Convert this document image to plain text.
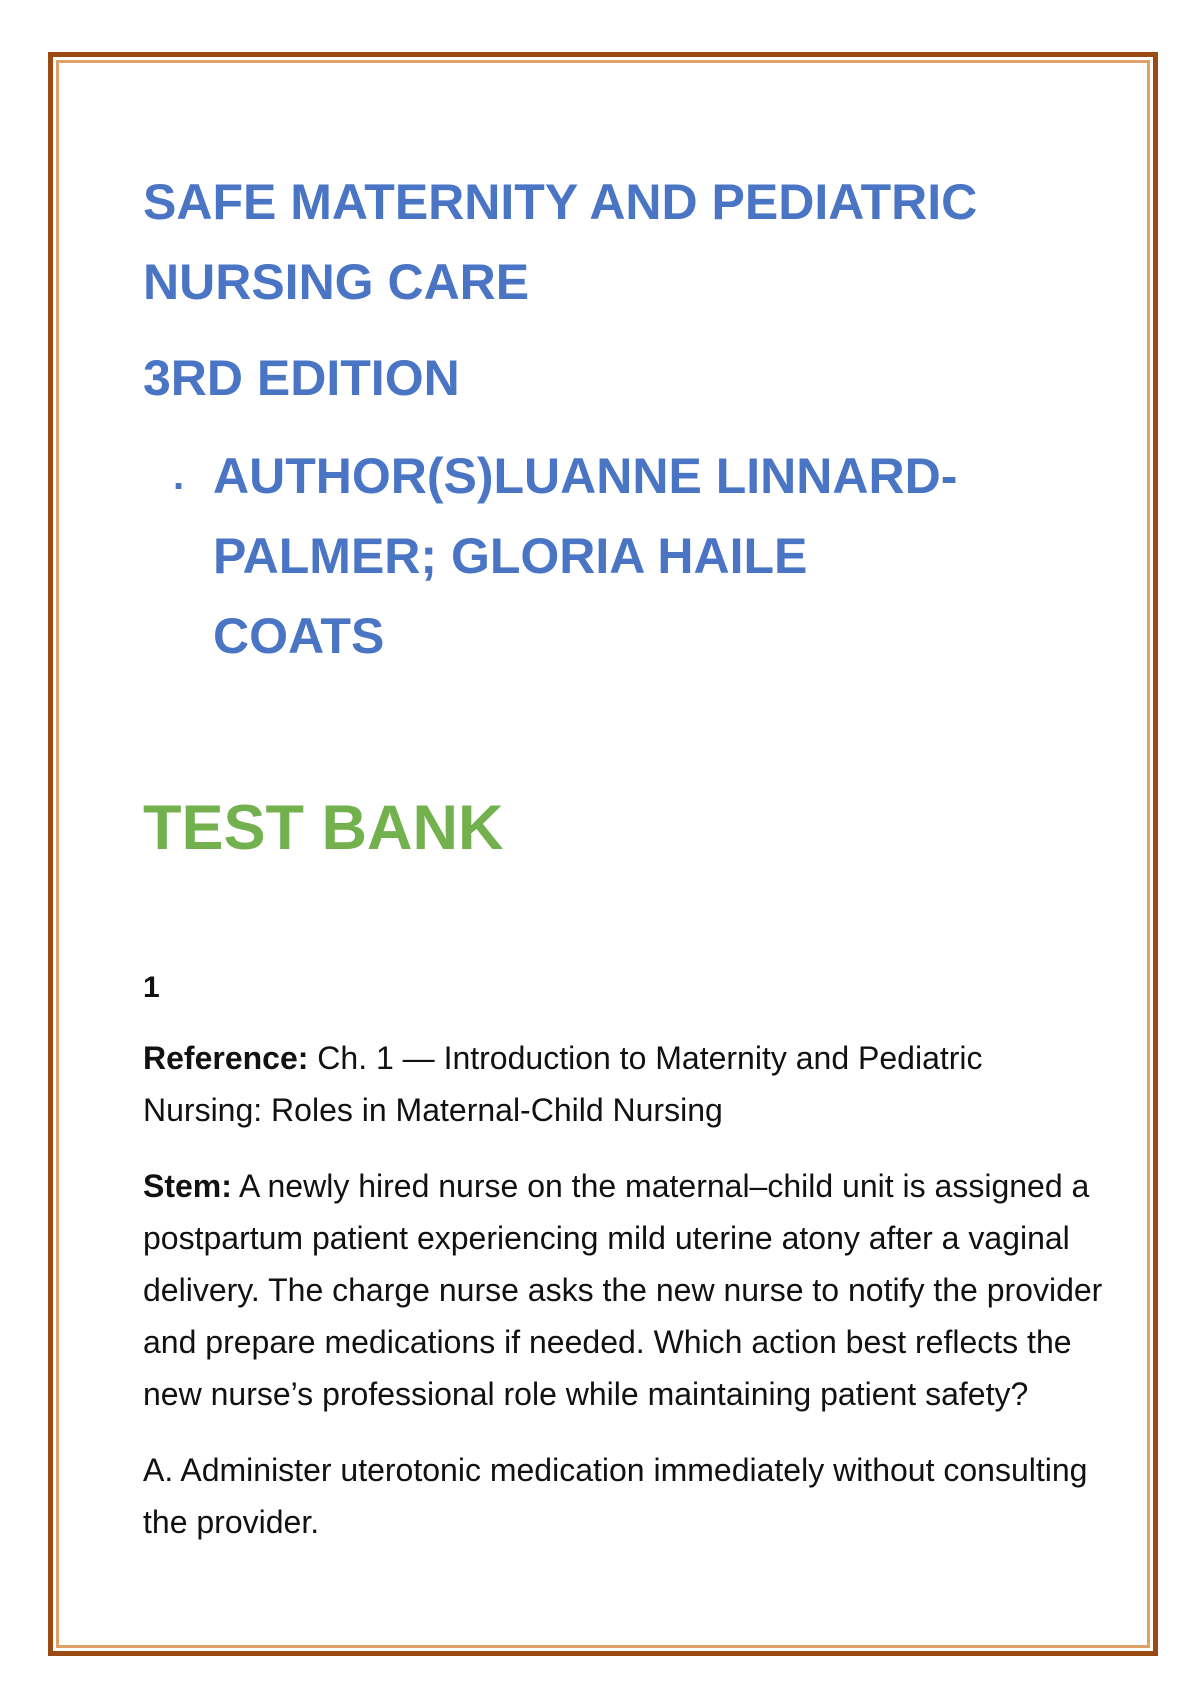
SAFE MATERNITY AND PEDIATRIC NURSING CARE
3RD EDITION
. AUTHOR(S)LUANNE LINNARD-PALMER; GLORIA HAILE COATS
TEST BANK
1
Reference: Ch. 1 — Introduction to Maternity and Pediatric Nursing: Roles in Maternal-Child Nursing
Stem: A newly hired nurse on the maternal–child unit is assigned a postpartum patient experiencing mild uterine atony after a vaginal delivery. The charge nurse asks the new nurse to notify the provider and prepare medications if needed. Which action best reflects the new nurse’s professional role while maintaining patient safety?
A. Administer uterotonic medication immediately without consulting the provider.
